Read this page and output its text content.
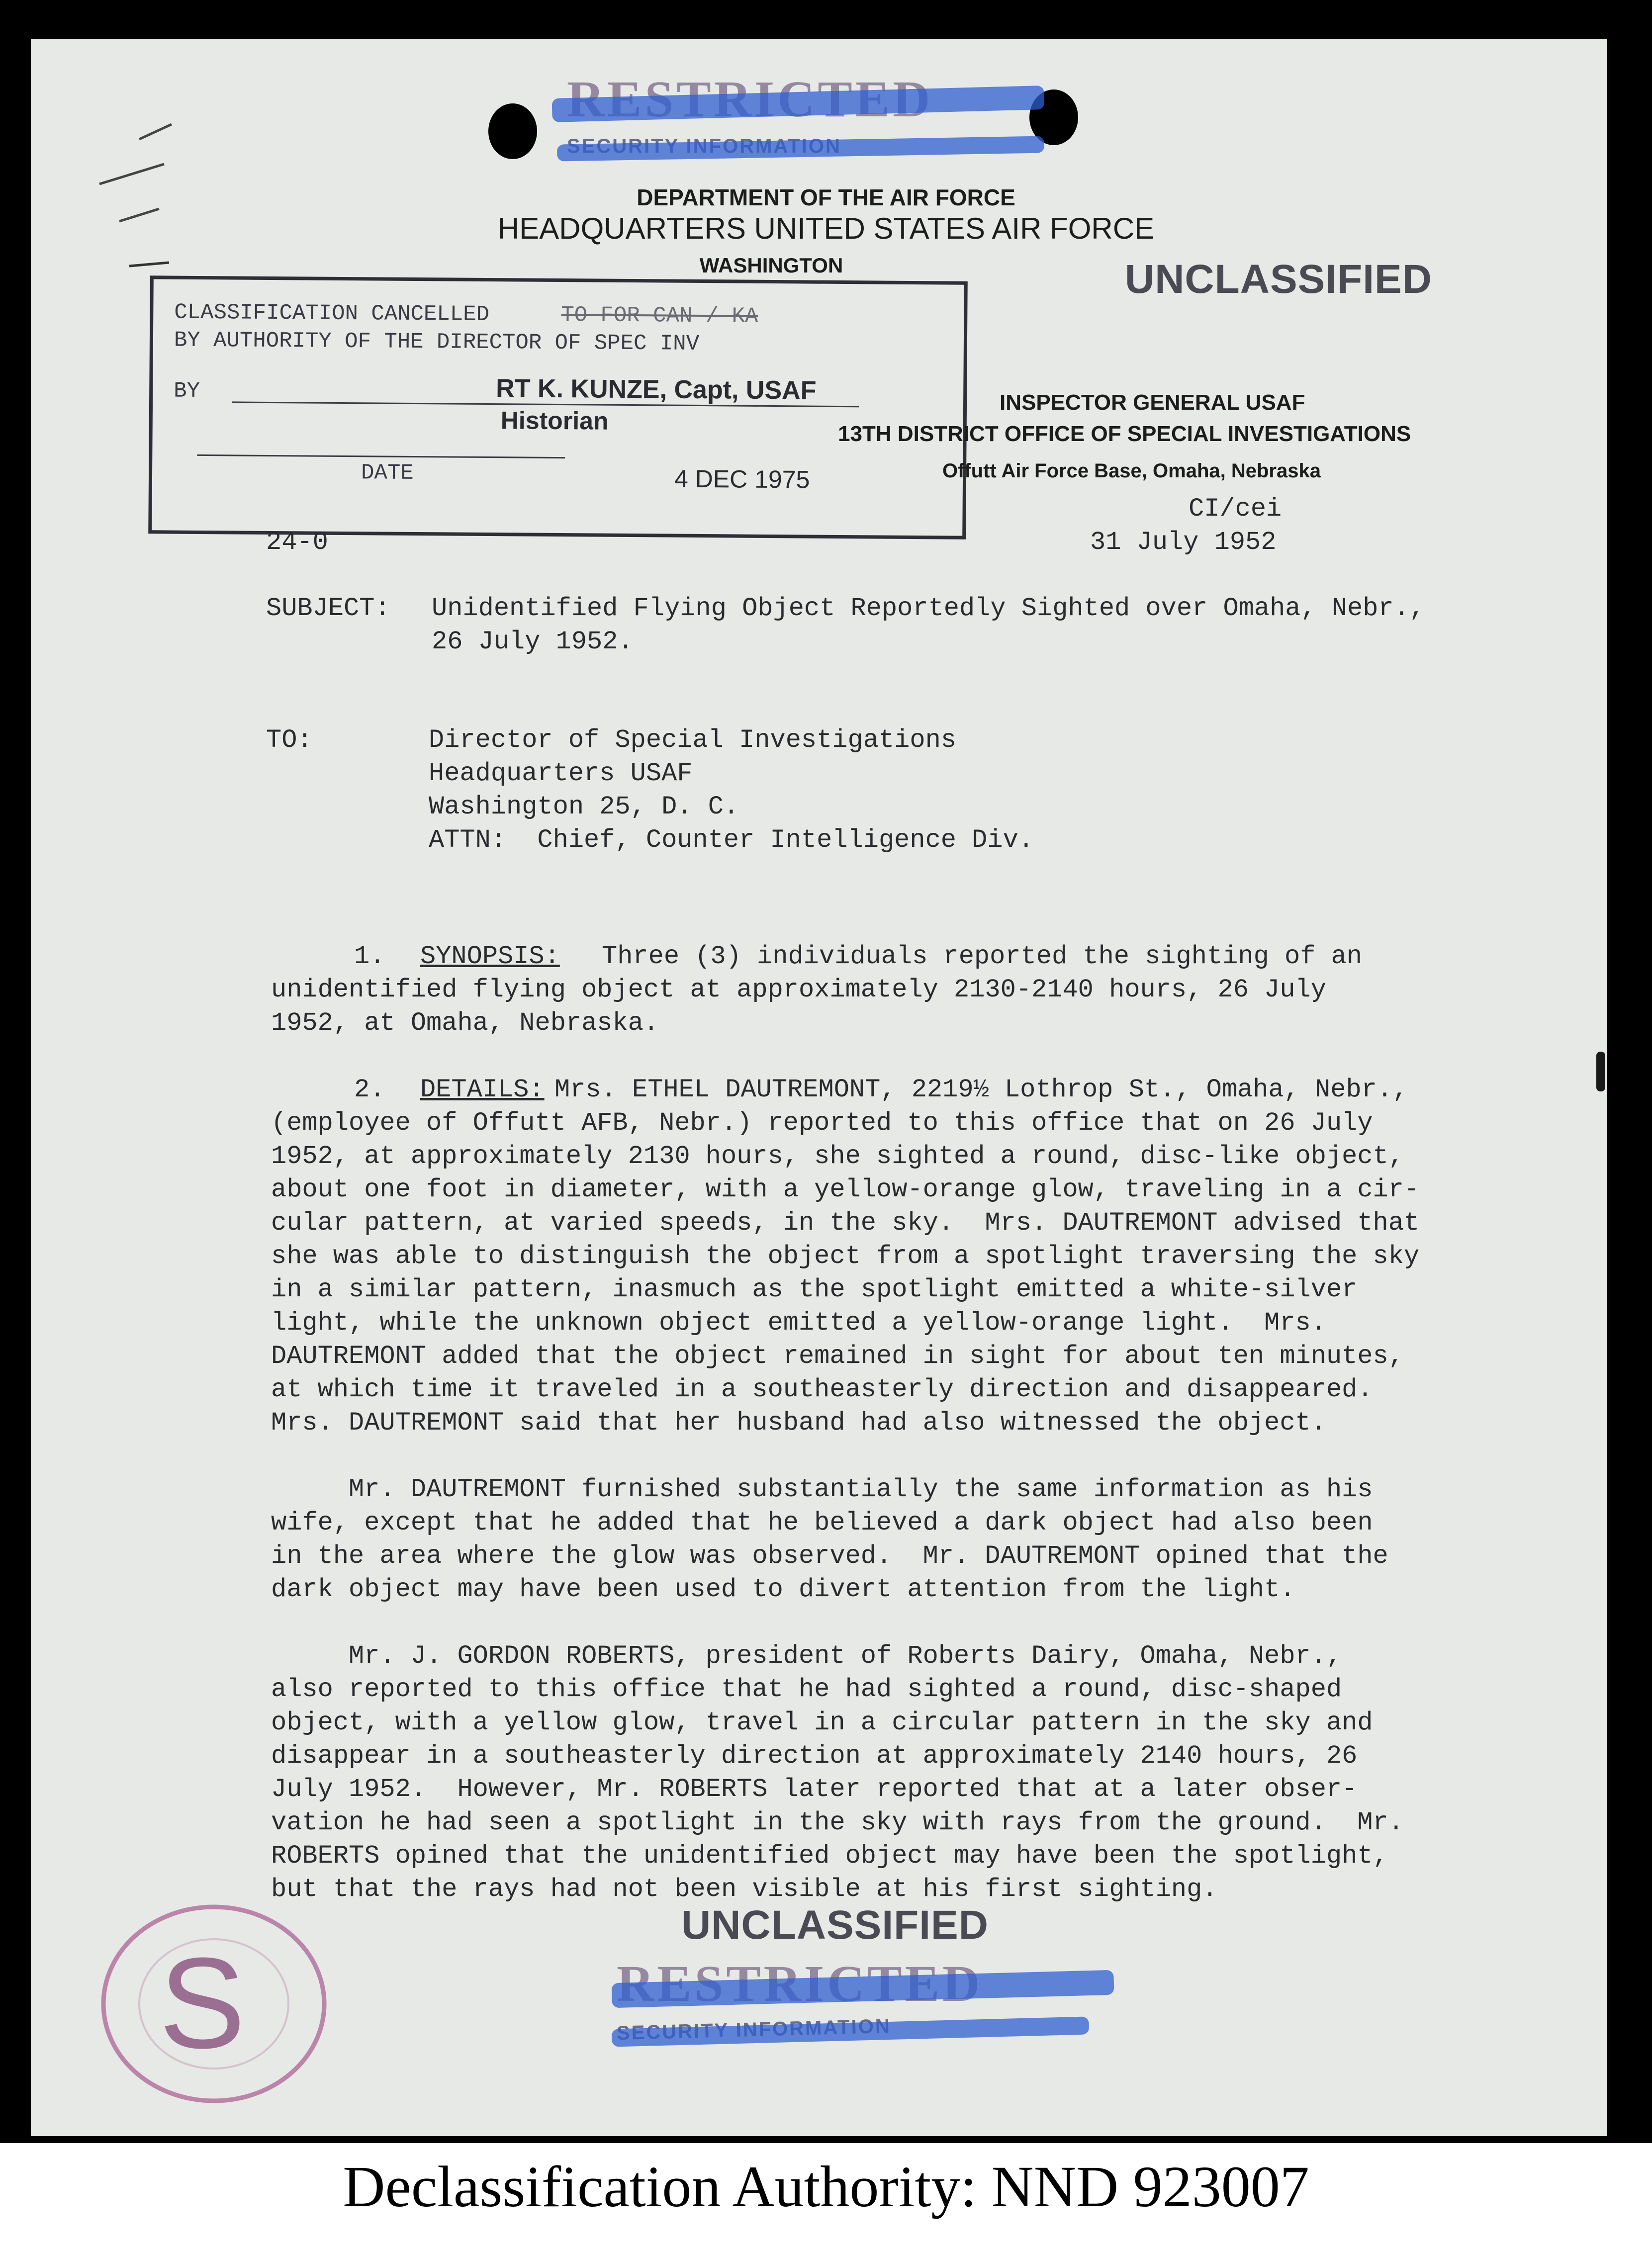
DEPARTMENT OF THE AIR FORCE
HEADQUARTERS UNITED STATES AIR FORCE
WASHINGTON	UNCLASSIFIED
CLASSIFICATION CANCELLED	TO FOR CAN / KA
BY AUTHORITY OF THE DIRECTOR OF SPEC INV
BY	RT K. KUNZE, Capt, USAF
Historian
DATE	4 DEC 1975
INSPECTOR GENERAL USAF
13TH DISTRICT OFFICE OF SPECIAL INVESTIGATIONS
Offutt Air Force Base, Omaha, Nebraska
CI/cei
31 July 1952
24-0
SUBJECT: Unidentified Flying Object Reportedly Sighted over Omaha, Nebr.,
26 July 1952.
TO:	Director of Special Investigations
Headquarters USAF
Washington 25, D. C.
ATTN:  Chief, Counter Intelligence Div.
1. SYNOPSIS: Three (3) individuals reported the sighting of an
unidentified flying object at approximately 2130-2140 hours, 26 July
1952, at Omaha, Nebraska.
2. DETAILS: Mrs. ETHEL DAUTREMONT, 2219½ Lothrop St., Omaha, Nebr.,
(employee of Offutt AFB, Nebr.) reported to this office that on 26 July
1952, at approximately 2130 hours, she sighted a round, disc-like object,
about one foot in diameter, with a yellow-orange glow, traveling in a cir-
cular pattern, at varied speeds, in the sky.  Mrs. DAUTREMONT advised that
she was able to distinguish the object from a spotlight traversing the sky
in a similar pattern, inasmuch as the spotlight emitted a white-silver
light, while the unknown object emitted a yellow-orange light.  Mrs.
DAUTREMONT added that the object remained in sight for about ten minutes,
at which time it traveled in a southeasterly direction and disappeared.
Mrs. DAUTREMONT said that her husband had also witnessed the object.
Mr. DAUTREMONT furnished substantially the same information as his
wife, except that he added that he believed a dark object had also been
in the area where the glow was observed.  Mr. DAUTREMONT opined that the
dark object may have been used to divert attention from the light.
Mr. J. GORDON ROBERTS, president of Roberts Dairy, Omaha, Nebr.,
also reported to this office that he had sighted a round, disc-shaped
object, with a yellow glow, travel in a circular pattern in the sky and
disappear in a southeasterly direction at approximately 2140 hours, 26
July 1952.  However, Mr. ROBERTS later reported that at a later obser-
vation he had seen a spotlight in the sky with rays from the ground.  Mr.
ROBERTS opined that the unidentified object may have been the spotlight,
but that the rays had not been visible at his first sighting.
UNCLASSIFIED
S
Declassification Authority: NND 923007
